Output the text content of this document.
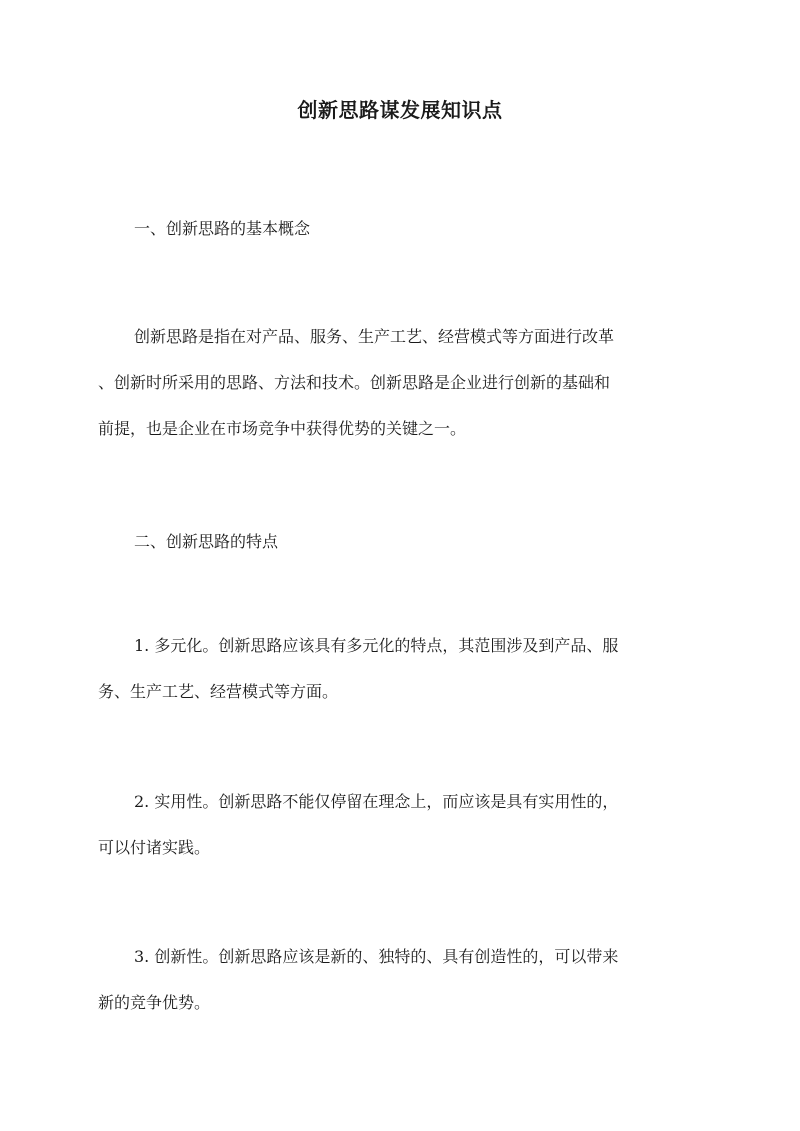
创新思路谋发展知识点
一、创新思路的基本概念
创新思路是指在对产品、服务、生产工艺、经营模式等方面进行改革
、创新时所采用的思路、方法和技术。创新思路是企业进行创新的基础和
前提，也是企业在市场竞争中获得优势的关键之一。
二、创新思路的特点
1. 多元化。创新思路应该具有多元化的特点，其范围涉及到产品、服
务、生产工艺、经营模式等方面。
2. 实用性。创新思路不能仅停留在理念上，而应该是具有实用性的，
可以付诸实践。
3. 创新性。创新思路应该是新的、独特的、具有创造性的，可以带来
新的竞争优势。
